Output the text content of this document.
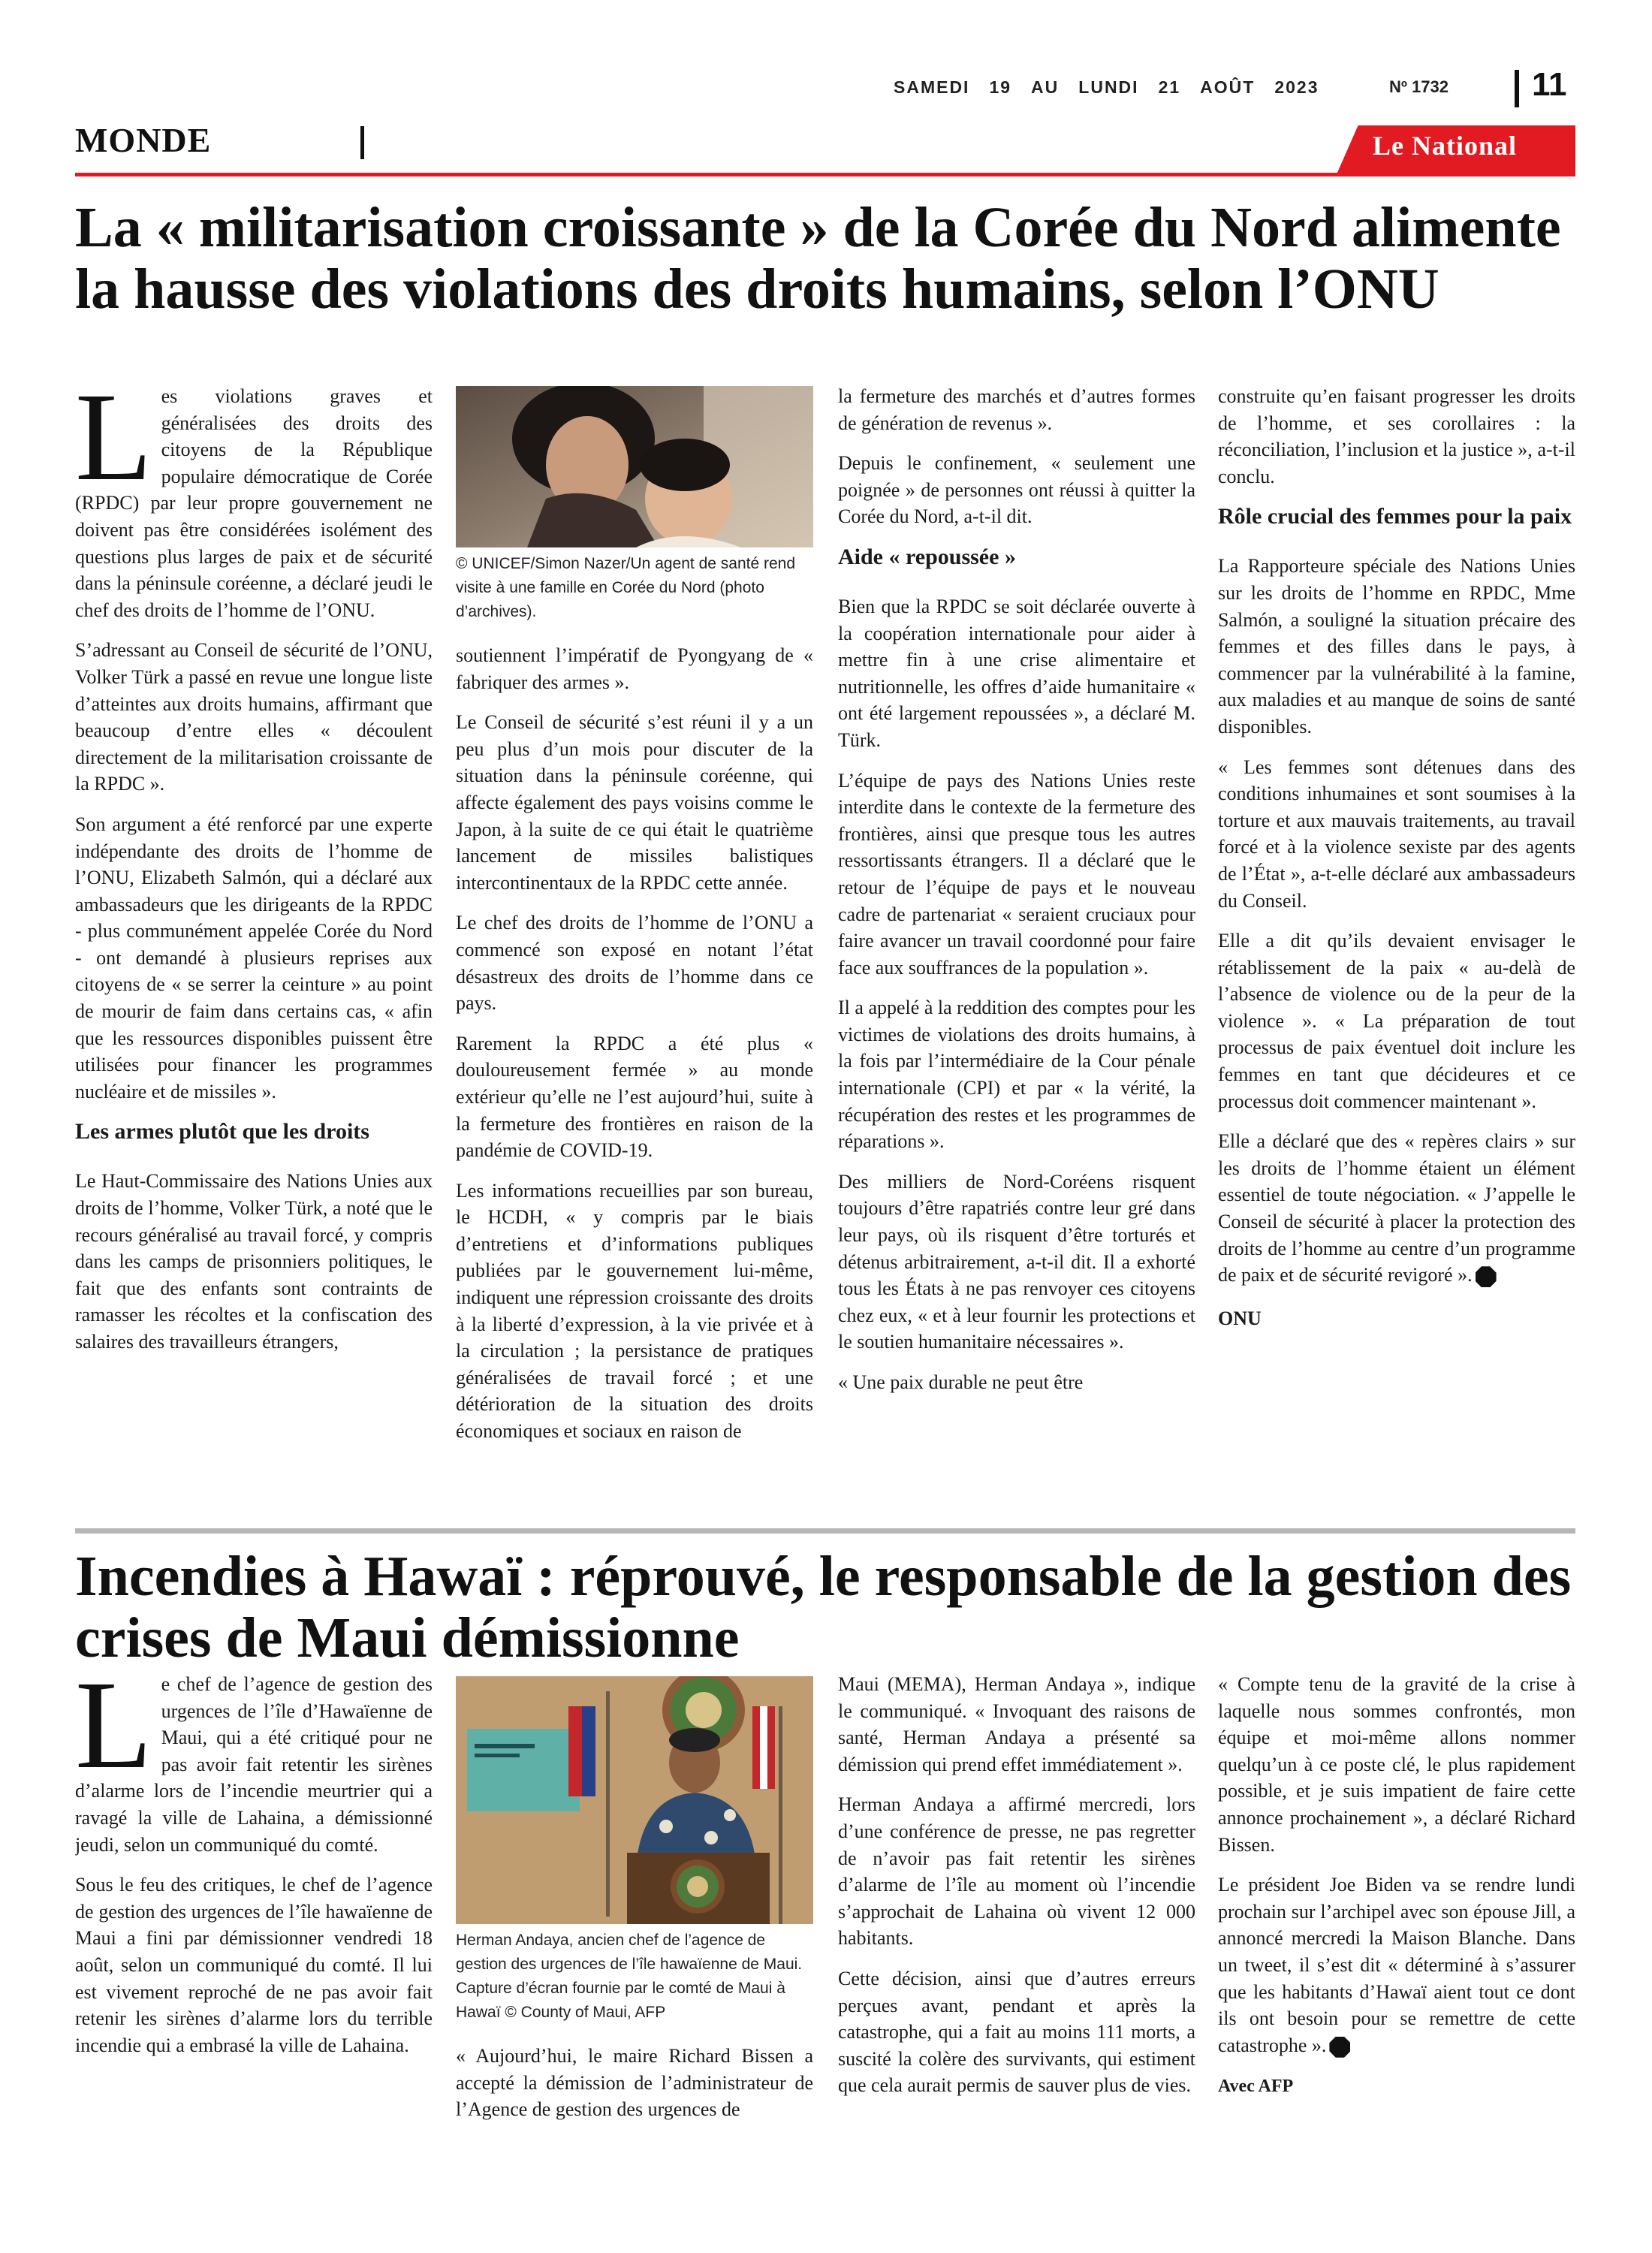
SAMEDI 19 AU LUNDI 21 AOÛT 2023	Nº 1732	11
MONDE	Le National
La « militarisation croissante » de la Corée du Nord alimente la hausse des violations des droits humains, selon l’ONU
L es violations graves et généralisées des droits des citoyens de la République populaire démocratique de Corée (RPDC) par leur propre gouvernement ne doivent pas être considérées isolément des questions plus larges de paix et de sécurité dans la péninsule coréenne, a déclaré jeudi le chef des droits de l’homme de l’ONU.

S’adressant au Conseil de sécurité de l’ONU, Volker Türk a passé en revue une longue liste d’atteintes aux droits humains, affirmant que beaucoup d’entre elles « découlent directement de la militarisation croissante de la RPDC ».

Son argument a été renforcé par une experte indépendante des droits de l’homme de l’ONU, Elizabeth Salmón, qui a déclaré aux ambassadeurs que les dirigeants de la RPDC - plus communément appelée Corée du Nord - ont demandé à plusieurs reprises aux citoyens de « se serrer la ceinture » au point de mourir de faim dans certains cas, « afin que les ressources disponibles puissent être utilisées pour financer les programmes nucléaire et de missiles ».

Les armes plutôt que les droits

Le Haut-Commissaire des Nations Unies aux droits de l’homme, Volker Türk, a noté que le recours généralisé au travail forcé, y compris dans les camps de prisonniers politiques, le fait que des enfants sont contraints de ramasser les récoltes et la confiscation des salaires des travailleurs étrangers,

© UNICEF/Simon Nazer/Un agent de santé rend visite à une famille en Corée du Nord (photo d’archives).

soutiennent l’impératif de Pyongyang de « fabriquer des armes ».

Le Conseil de sécurité s’est réuni il y a un peu plus d’un mois pour discuter de la situation dans la péninsule coréenne, qui affecte également des pays voisins comme le Japon, à la suite de ce qui était le quatrième lancement de missiles balistiques intercontinentaux de la RPDC cette année.

Le chef des droits de l’homme de l’ONU a commencé son exposé en notant l’état désastreux des droits de l’homme dans ce pays.

Rarement la RPDC a été plus « douloureusement fermée » au monde extérieur qu’elle ne l’est aujourd’hui, suite à la fermeture des frontières en raison de la pandémie de COVID-19.

Les informations recueillies par son bureau, le HCDH, « y compris par le biais d’entretiens et d’informations publiques publiées par le gouvernement lui-même, indiquent une répression croissante des droits à la liberté d’expression, à la vie privée et à la circulation ; la persistance de pratiques généralisées de travail forcé ; et une détérioration de la situation des droits économiques et sociaux en raison de

la fermeture des marchés et d’autres formes de génération de revenus ».

Depuis le confinement, « seulement une poignée » de personnes ont réussi à quitter la Corée du Nord, a-t-il dit.

Aide « repoussée »

Bien que la RPDC se soit déclarée ouverte à la coopération internationale pour aider à mettre fin à une crise alimentaire et nutritionnelle, les offres d’aide humanitaire « ont été largement repoussées », a déclaré M. Türk.

L’équipe de pays des Nations Unies reste interdite dans le contexte de la fermeture des frontières, ainsi que presque tous les autres ressortissants étrangers. Il a déclaré que le retour de l’équipe de pays et le nouveau cadre de partenariat « seraient cruciaux pour faire avancer un travail coordonné pour faire face aux souffrances de la population ».

Il a appelé à la reddition des comptes pour les victimes de violations des droits humains, à la fois par l’intermédiaire de la Cour pénale internationale (CPI) et par « la vérité, la récupération des restes et les programmes de réparations ».

Des milliers de Nord-Coréens risquent toujours d’être rapatriés contre leur gré dans leur pays, où ils risquent d’être torturés et détenus arbitrairement, a-t-il dit. Il a exhorté tous les États à ne pas renvoyer ces citoyens chez eux, « et à leur fournir les protections et le soutien humanitaire nécessaires ».

« Une paix durable ne peut être

construite qu’en faisant progresser les droits de l’homme, et ses corollaires : la réconciliation, l’inclusion et la justice », a-t-il conclu.

Rôle crucial des femmes pour la paix

La Rapporteure spéciale des Nations Unies sur les droits de l’homme en RPDC, Mme Salmón, a souligné la situation précaire des femmes et des filles dans le pays, à commencer par la vulnérabilité à la famine, aux maladies et au manque de soins de santé disponibles.

« Les femmes sont détenues dans des conditions inhumaines et sont soumises à la torture et aux mauvais traitements, au travail forcé et à la violence sexiste par des agents de l’État », a-t-elle déclaré aux ambassadeurs du Conseil.

Elle a dit qu’ils devaient envisager le rétablissement de la paix « au-delà de l’absence de violence ou de la peur de la violence ». « La préparation de tout processus de paix éventuel doit inclure les femmes en tant que décideures et ce processus doit commencer maintenant ».

Elle a déclaré que des « repères clairs » sur les droits de l’homme étaient un élément essentiel de toute négociation. « J’appelle le Conseil de sécurité à placer la protection des droits de l’homme au centre d’un programme de paix et de sécurité revigoré ».

ONU
Incendies à Hawaï : réprouvé, le responsable de la gestion des crises de Maui démissionne
L e chef de l’agence de gestion des urgences de l’île d’Hawaïenne de Maui, qui a été critiqué pour ne pas avoir fait retentir les sirènes d’alarme lors de l’incendie meurtrier qui a ravagé la ville de Lahaina, a démissionné jeudi, selon un communiqué du comté.

Sous le feu des critiques, le chef de l’agence de gestion des urgences de l’île hawaïenne de Maui a fini par démissionner vendredi 18 août, selon un communiqué du comté. Il lui est vivement reproché de ne pas avoir fait retenir les sirènes d’alarme lors du terrible incendie qui a embrasé la ville de Lahaina.

Herman Andaya, ancien chef de l’agence de gestion des urgences de l’île hawaïenne de Maui. Capture d’écran fournie par le comté de Maui à Hawaï © County of Maui, AFP

« Aujourd’hui, le maire Richard Bissen a accepté la démission de l’administrateur de l’Agence de gestion des urgences de

Maui (MEMA), Herman Andaya », indique le communiqué. « Invoquant des raisons de santé, Herman Andaya a présenté sa démission qui prend effet immédiatement ».

Herman Andaya a affirmé mercredi, lors d’une conférence de presse, ne pas regretter de n’avoir pas fait retentir les sirènes d’alarme de l’île au moment où l’incendie s’approchait de Lahaina où vivent 12 000 habitants.

Cette décision, ainsi que d’autres erreurs perçues avant, pendant et après la catastrophe, qui a fait au moins 111 morts, a suscité la colère des survivants, qui estiment que cela aurait permis de sauver plus de vies.

« Compte tenu de la gravité de la crise à laquelle nous sommes confrontés, mon équipe et moi-même allons nommer quelqu’un à ce poste clé, le plus rapidement possible, et je suis impatient de faire cette annonce prochainement », a déclaré Richard Bissen.

Le président Joe Biden va se rendre lundi prochain sur l’archipel avec son épouse Jill, a annoncé mercredi la Maison Blanche. Dans un tweet, il s’est dit « déterminé à s’assurer que les habitants d’Hawaï aient tout ce dont ils ont besoin pour se remettre de cette catastrophe ».

Avec AFP
